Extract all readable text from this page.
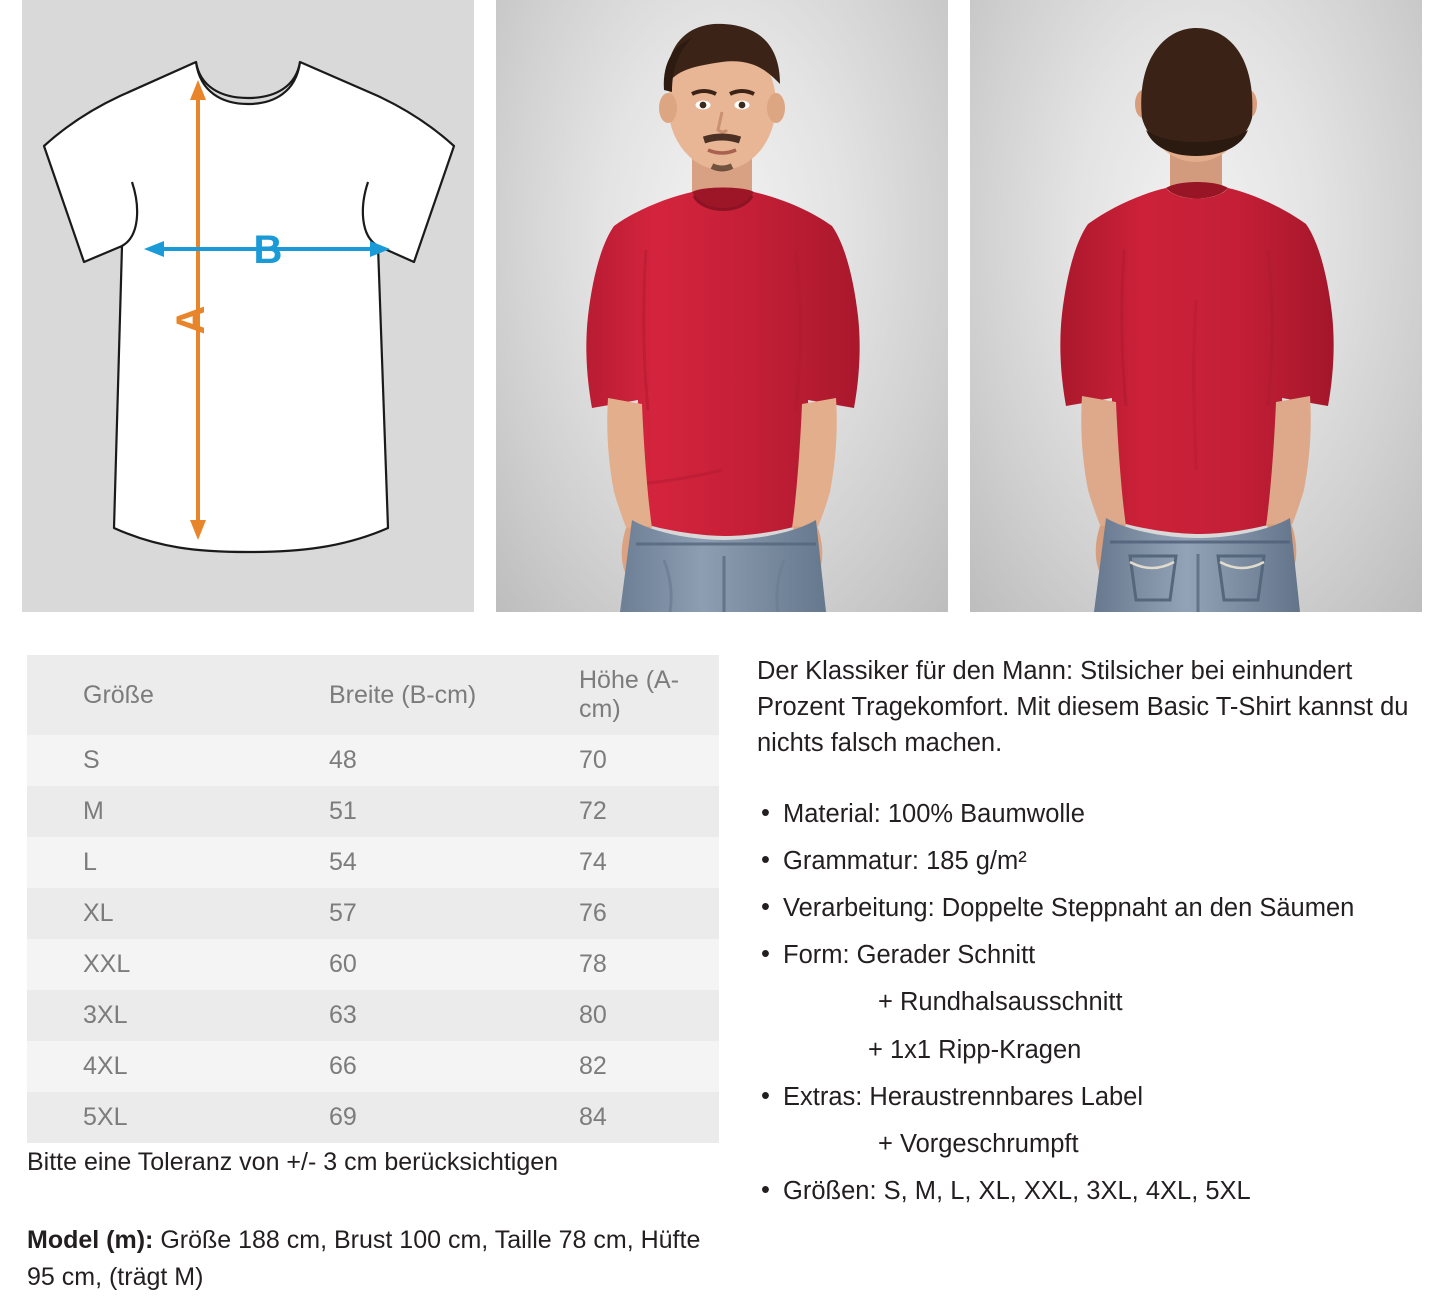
A
B
Größe	Breite (B-cm)	Höhe (A-cm)
S	48	70
M	51	72
L	54	74
XL	57	76
XXL	60	78
3XL	63	80
4XL	66	82
5XL	69	84
Bitte eine Toleranz von +/- 3 cm berücksichtigen
Model (m): Größe 188 cm, Brust 100 cm, Taille 78 cm, Hüfte 95 cm, (trägt M)

Der Klassiker für den Mann: Stilsicher bei einhundert Prozent Tragekomfort. Mit diesem Basic T-Shirt kannst du nichts falsch machen.

• Material: 100% Baumwolle
• Grammatur: 185 g/m²
• Verarbeitung: Doppelte Steppnaht an den Säumen
• Form: Gerader Schnitt
+ Rundhalsausschnitt
+ 1x1 Ripp-Kragen
• Extras: Heraustrennbares Label
+ Vorgeschrumpft
• Größen: S, M, L, XL, XXL, 3XL, 4XL, 5XL
